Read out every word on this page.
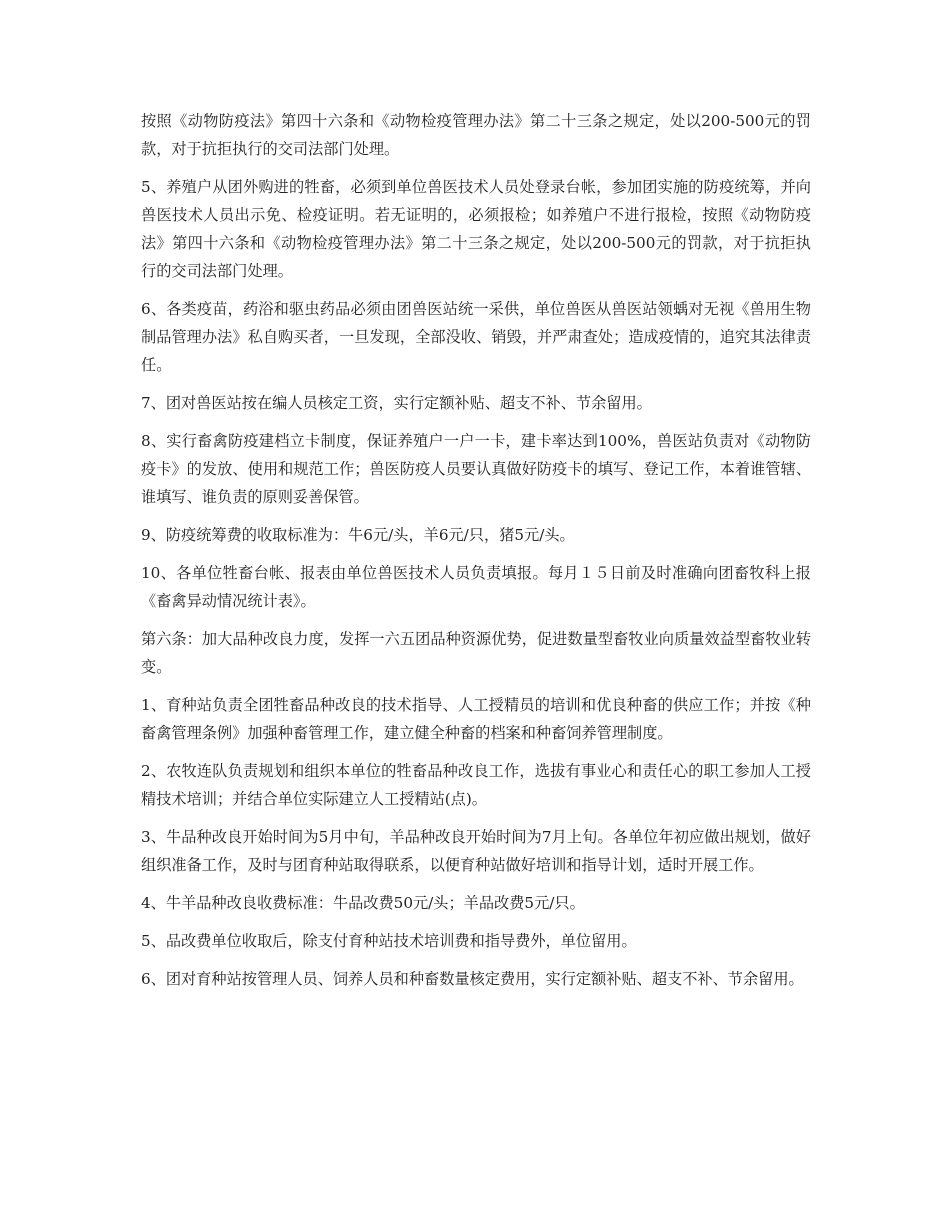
按照《动物防疫法》第四十六条和《动物检疫管理办法》第二十三条之规定，处以200-500元的罚款，对于抗拒执行的交司法部门处理。

5、养殖户从团外购进的牲畜，必须到单位兽医技术人员处登录台帐，参加团实施的防疫统筹，并向兽医技术人员出示免、检疫证明。若无证明的，必须报检；如养殖户不进行报检，按照《动物防疫法》第四十六条和《动物检疫管理办法》第二十三条之规定，处以200-500元的罚款，对于抗拒执行的交司法部门处理。

6、各类疫苗，药浴和驱虫药品必须由团兽医站统一采供，单位兽医从兽医站领蝺对无视《兽用生物制品管理办法》私自购买者，一旦发现，全部没收、销毁，并严肃查处；造成疫情的，追究其法律责任。

7、团对兽医站按在编人员核定工资，实行定额补贴、超支不补、节余留用。

8、实行畜禽防疫建档立卡制度，保证养殖户一户一卡，建卡率达到100%，兽医站负责对《动物防疫卡》的发放、使用和规范工作；兽医防疫人员要认真做好防疫卡的填写、登记工作，本着谁管辖、谁填写、谁负责的原则妥善保管。

9、防疫统筹费的收取标准为：牛6元/头，羊6元/只，猪5元/头。

10、各单位牲畜台帐、报表由单位兽医技术人员负责填报。每月１５日前及时准确向团畜牧科上报《畜禽异动情况统计表》。

第六条：加大品种改良力度，发挥一六五团品种资源优势，促进数量型畜牧业向质量效益型畜牧业转变。

1、育种站负责全团牲畜品种改良的技术指导、人工授精员的培训和优良种畜的供应工作；并按《种畜禽管理条例》加强种畜管理工作，建立健全种畜的档案和种畜饲养管理制度。

2、农牧连队负责规划和组织本单位的牲畜品种改良工作，选拔有事业心和责任心的职工参加人工授精技术培训；并结合单位实际建立人工授精站(点)。

3、牛品种改良开始时间为5月中旬，羊品种改良开始时间为7月上旬。各单位年初应做出规划，做好组织准备工作，及时与团育种站取得联系，以便育种站做好培训和指导计划，适时开展工作。

4、牛羊品种改良收费标准：牛品改费50元/头；羊品改费5元/只。

5、品改费单位收取后，除支付育种站技术培训费和指导费外，单位留用。

6、团对育种站按管理人员、饲养人员和种畜数量核定费用，实行定额补贴、超支不补、节余留用。
